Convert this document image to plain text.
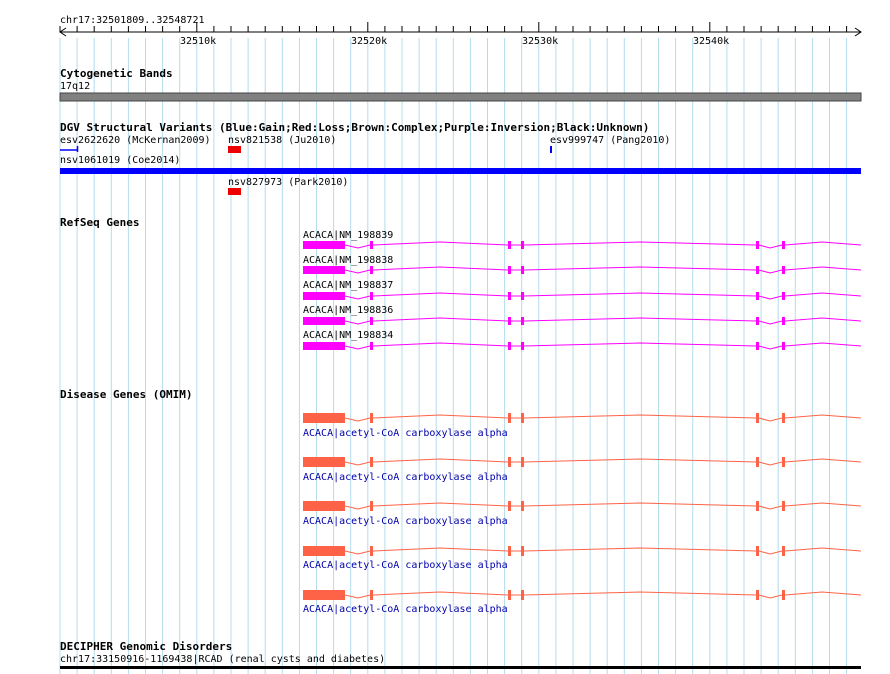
chr17:32501809..32548721
32510k	32520k	32530k	32540k
Cytogenetic Bands
17q12
DGV Structural Variants (Blue:Gain;Red:Loss;Brown:Complex;Purple:Inversion;Black:Unknown)
esv2622620 (McKernan2009) nsv821538 (Ju2010)	esv999747 (Pang2010)
nsv1061019 (Coe2014)
nsv827973 (Park2010)
RefSeq Genes
ACACA|NM_198839
ACACA|NM_198838
ACACA|NM_198837
ACACA|NM_198836
ACACA|NM_198834
Disease Genes (OMIM)
ACACA|acetyl-CoA carboxylase alpha
ACACA|acetyl-CoA carboxylase alpha
ACACA|acetyl-CoA carboxylase alpha
ACACA|acetyl-CoA carboxylase alpha
ACACA|acetyl-CoA carboxylase alpha
DECIPHER Genomic Disorders
chr17:33150916-1169438|RCAD (renal cysts and diabetes)
